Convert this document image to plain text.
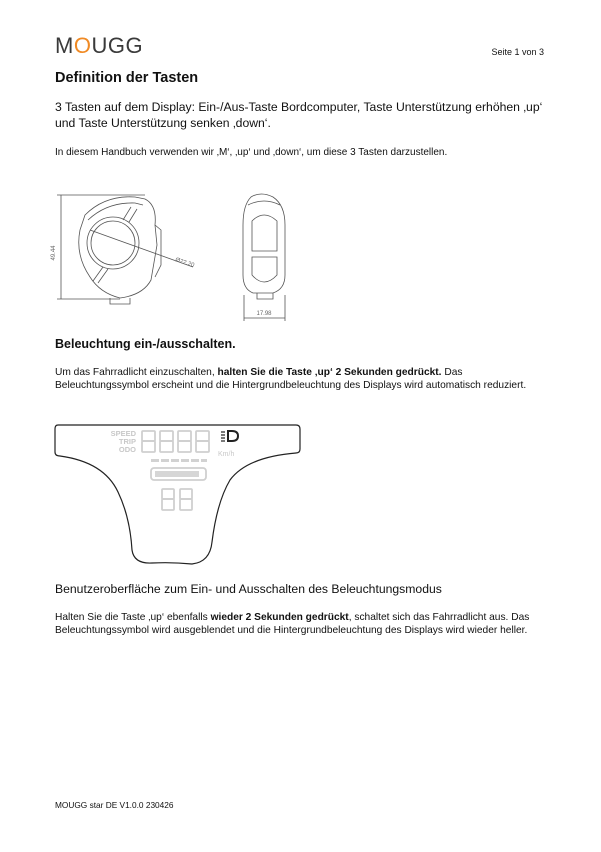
MOUGG	Seite 1 von 3
Definition der Tasten
3 Tasten auf dem Display: Ein-/Aus-Taste Bordcomputer, Taste Unterstützung erhöhen ‚up‘ und Taste Unterstützung senken ‚down‘.
In diesem Handbuch verwenden wir ‚M‘, ‚up‘ und ‚down‘, um diese 3 Tasten darzustellen.
49.44
Ø22.20
17.98
Beleuchtung ein-/ausschalten.
Um das Fahrradlicht einzuschalten, halten Sie die Taste ‚up‘ 2 Sekunden gedrückt. Das Beleuchtungssymbol erscheint und die Hintergrundbeleuchtung des Displays wird automatisch reduziert.
SPEED
TRIP
ODO
Km/h
Benutzeroberfläche zum Ein- und Ausschalten des Beleuchtungsmodus
Halten Sie die Taste ‚up‘ ebenfalls wieder 2 Sekunden gedrückt, schaltet sich das Fahrradlicht aus. Das Beleuchtungssymbol wird ausgeblendet und die Hintergrundbeleuchtung des Displays wird wieder heller.
MOUGG star DE V1.0.0 230426
